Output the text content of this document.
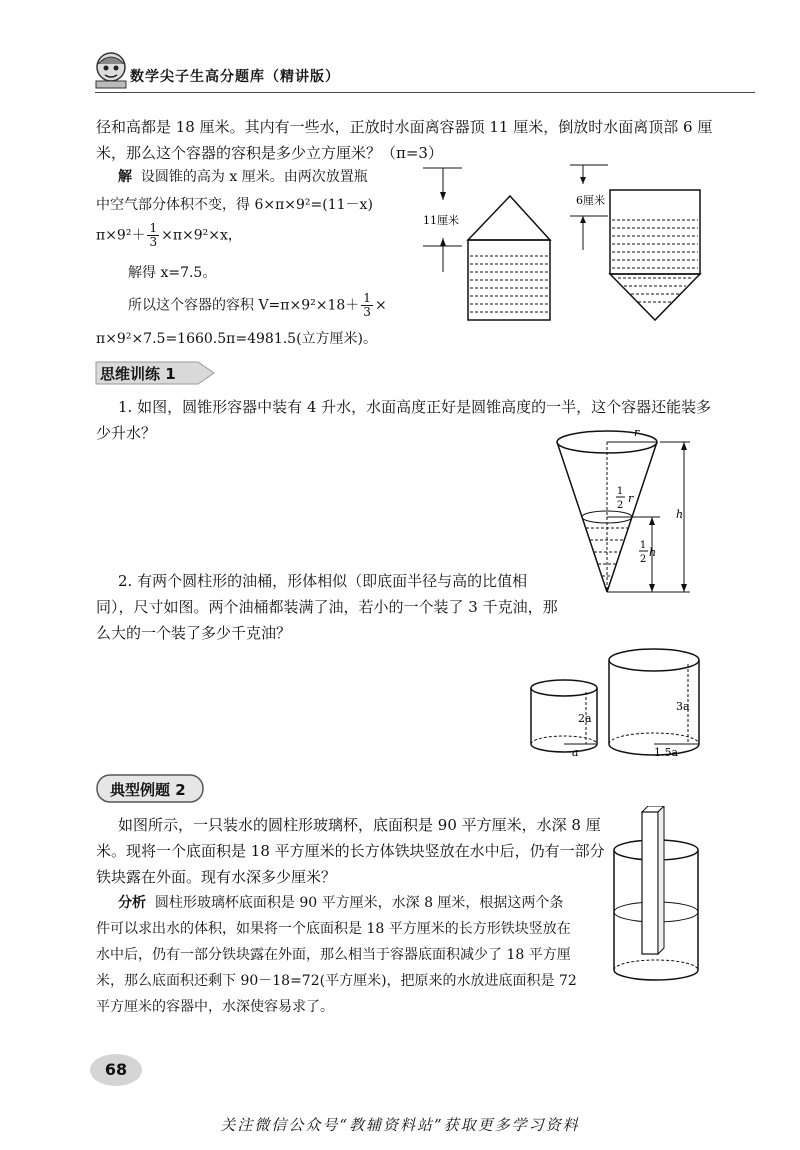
数学尖子生高分题库（精讲版）
径和高都是 18 厘米。其内有一些水，正放时水面离容器顶 11 厘米，倒放时水面离顶部 6 厘
米，那么这个容器的容积是多少立方厘米？（π=3）
解 设圆锥的高为 x 厘米。由两次放置瓶
中空气部分体积不变，得 6×π×9²=(11－x)
$\pi\times 9^2+ \frac{1}{3} \times\pi\times 9^2\times x$，
解得 x=7.5。
所以这个容器的容积 $V=\pi\times 9^2\times 18+ \frac{1}{3}$ ×
π×9²×7.5=1660.5π=4981.5(立方厘米)。
11厘米
6厘米
思维训练 1
1. 如图，圆锥形容器中装有 4 升水，水面高度正好是圆锥高度的一半，这个容器还能装多
少升水？	r
1
2
r
h
1
2
h
2. 有两个圆柱形的油桶，形体相似（即底面半径与高的比值相
同），尺寸如图。两个油桶都装满了油，若小的一个装了 3 千克油，那
么大的一个装了多少千克油？
2a
a
3a
1.5a
典型例题 2
如图所示，一只装水的圆柱形玻璃杯，底面积是 90 平方厘米，水深 8 厘
米。现将一个底面积是 18 平方厘米的长方体铁块竖放在水中后，仍有一部分
铁块露在外面。现有水深多少厘米？
分析 圆柱形玻璃杯底面积是 90 平方厘米，水深 8 厘米，根据这两个条
件可以求出水的体积，如果将一个底面积是 18 平方厘米的长方形铁块竖放在
水中后，仍有一部分铁块露在外面，那么相当于容器底面积减少了 18 平方厘
米，那么底面积还剩下 90－18=72(平方厘米)，把原来的水放进底面积是 72
平方厘米的容器中，水深使容易求了。
68
关注微信公众号“教辅资料站”获取更多学习资料
